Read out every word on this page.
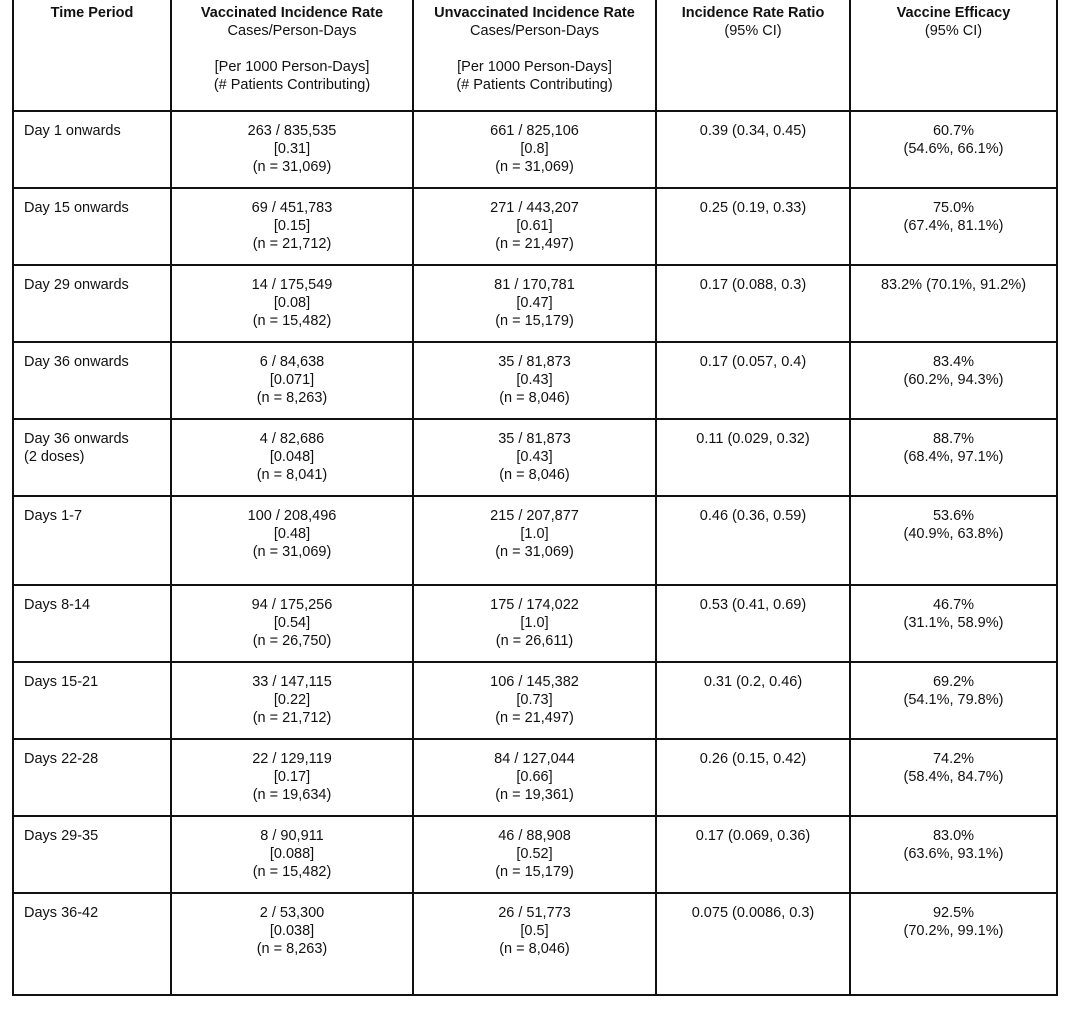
Time Period	Vaccinated Incidence Rate
Cases/Person-Days
[Per 1000 Person-Days]
(# Patients Contributing)	Unvaccinated Incidence Rate
Cases/Person-Days
[Per 1000 Person-Days]
(# Patients Contributing)	Incidence Rate Ratio
(95% CI)	Vaccine Efficacy
(95% CI)

Day 1 onwards	263 / 835,535
[0.31]
(n = 31,069)	661 / 825,106
[0.8]
(n = 31,069)	0.39 (0.34, 0.45)	60.7%
(54.6%, 66.1%)

Day 15 onwards	69 / 451,783
[0.15]
(n = 21,712)	271 / 443,207
[0.61]
(n = 21,497)	0.25 (0.19, 0.33)	75.0%
(67.4%, 81.1%)

Day 29 onwards	14 / 175,549
[0.08]
(n = 15,482)	81 / 170,781
[0.47]
(n = 15,179)	0.17 (0.088, 0.3)	83.2% (70.1%, 91.2%)

Day 36 onwards	6 / 84,638
[0.071]
(n = 8,263)	35 / 81,873
[0.43]
(n = 8,046)	0.17 (0.057, 0.4)	83.4%
(60.2%, 94.3%)

Day 36 onwards
(2 doses)	4 / 82,686
[0.048]
(n = 8,041)	35 / 81,873
[0.43]
(n = 8,046)	0.11 (0.029, 0.32)	88.7%
(68.4%, 97.1%)

Days 1-7	100 / 208,496
[0.48]
(n = 31,069)	215 / 207,877
[1.0]
(n = 31,069)	0.46 (0.36, 0.59)	53.6%
(40.9%, 63.8%)

Days 8-14	94 / 175,256
[0.54]
(n = 26,750)	175 / 174,022
[1.0]
(n = 26,611)	0.53 (0.41, 0.69)	46.7%
(31.1%, 58.9%)

Days 15-21	33 / 147,115
[0.22]
(n = 21,712)	106 / 145,382
[0.73]
(n = 21,497)	0.31 (0.2, 0.46)	69.2%
(54.1%, 79.8%)

Days 22-28	22 / 129,119
[0.17]
(n = 19,634)	84 / 127,044
[0.66]
(n = 19,361)	0.26 (0.15, 0.42)	74.2%
(58.4%, 84.7%)

Days 29-35	8 / 90,911
[0.088]
(n = 15,482)	46 / 88,908
[0.52]
(n = 15,179)	0.17 (0.069, 0.36)	83.0%
(63.6%, 93.1%)

Days 36-42	2 / 53,300
[0.038]
(n = 8,263)	26 / 51,773
[0.5]
(n = 8,046)	0.075 (0.0086, 0.3)	92.5%
(70.2%, 99.1%)
